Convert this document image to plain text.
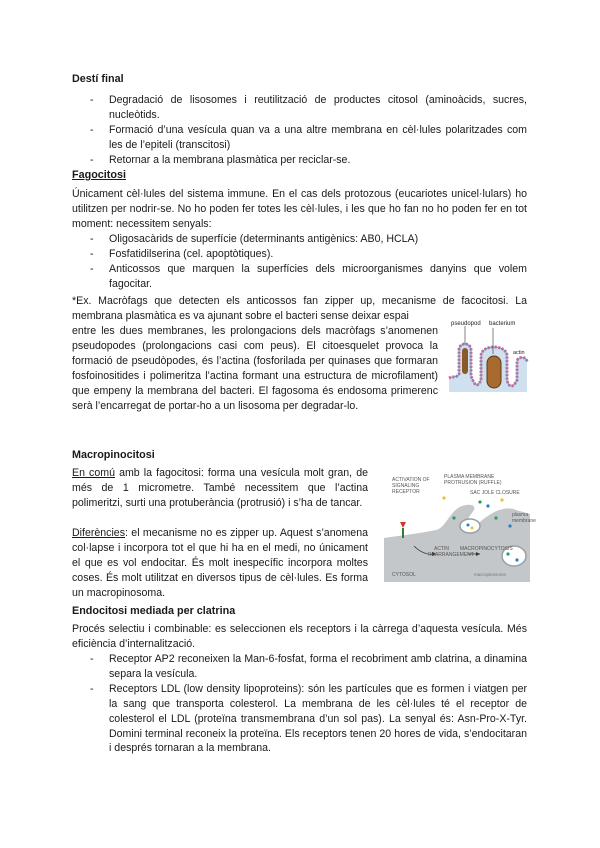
Destí final
- Degradació de lisosomes i reutilització de productes citosol (aminoàcids, sucres, nucleòtids.
- Formació d’una vesícula quan va a una altre membrana en cèl·lules polaritzades com les de l’epiteli (transcitosi)
- Retornar a la membrana plasmàtica per reciclar-se.
Fagocitosi

Únicament cèl·lules del sistema immune. En el cas dels protozous (eucariotes unicel·lulars) ho utilitzen per nodrir-se. No ho poden fer totes les cèl·lules, i les que ho fan no ho poden fer en tot moment: necessitem senyals:

- Oligosacàrids de superfície (determinants antigènics: AB0, HCLA)
- Fosfatidilserina (cel. apoptòtiques).
- Anticossos que marquen la superfícies dels microorganismes danyins que volem fagocitar.

*Ex. Macròfags que detecten els anticossos fan zipper up, mecanisme de facocitosi. La membrana plasmàtica es va ajunant sobre el bacteri sense deixar espai

entre les dues membranes, les prolongacions dels macròfags s’anomenen pseudopodes (prolongacions casi com peus). El citoesquelet provoca la formació de pseudòpodes, és l’actina (fosforilada per quinases que formaran fosfoinositides i polimeritza l’actina formant una estructura de microfilament) que empeny la membrana del bacteri. El fagosoma és endosoma primerenc serà l’encarregat de portar-ho a un lisosoma per degradar-lo.

pseudopod bacterium
actin
Macropinocitosi

En comú amb la fagocitosi: forma una vesícula molt gran, de més de 1 micrometre. També necessitem que l’actina polimeritzi, surti una protuberància (protrusió) i s’ha de tancar.

Diferències: el mecanisme no es zipper up. Aquest s’anomena col·lapse i incorpora tot el que hi ha en el medi, no únicament el que es vol endocitar. És molt inespecífic incorpora moltes coses. És molt utilitzat en diversos tipus de cèl·lules. Es forma un macropinosoma.

ACTIVATION OF
SIGNALING
RECEPTOR
PLASMA MEMBRANE
PROTRUSION (RUFFLE)
SAC JOLE CLOSURE
plasma
membrane
ACTIN
REARRANGEMENT
MACROPINOCYTOSIS
CYTOSOL	macropinosome
Endocitosi mediada per clatrina

Procés selectiu i combinable: es seleccionen els receptors i la càrrega d’aquesta vesícula. Més eficiència d’internalització.

- Receptor AP2 reconeixen la Man-6-fosfat, forma el recobriment amb clatrina, a dinamina separa la vesícula.
- Receptors LDL (low density lipoproteins): són les partícules que es formen i viatgen per la sang que transporta colesterol. La membrana de les cèl·lules té el receptor de colesterol el LDL (proteïna transmembrana d’un sol pas). La senyal és: Asn-Pro-X-Tyr. Domini terminal reconeix la proteïna. Els receptors tenen 20 hores de vida, s’endocitaran i després tornaran a la membrana.
